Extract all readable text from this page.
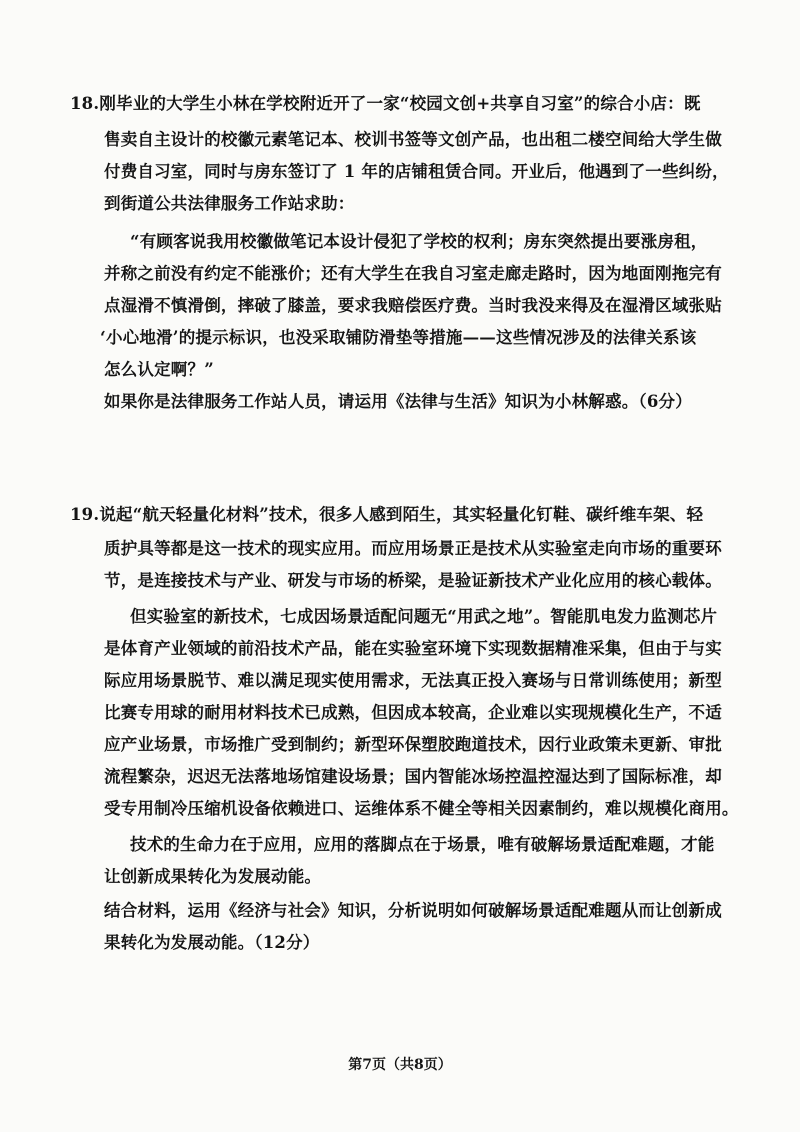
18.刚毕业的大学生小林在学校附近开了一家“校园文创+共享自习室”的综合小店：既
售卖自主设计的校徽元素笔记本、校训书签等文创产品，也出租二楼空间给大学生做
付费自习室，同时与房东签订了 1 年的店铺租赁合同。开业后，他遇到了一些纠纷，
到街道公共法律服务工作站求助：
“有顾客说我用校徽做笔记本设计侵犯了学校的权利；房东突然提出要涨房租，
并称之前没有约定不能涨价；还有大学生在我自习室走廊走路时，因为地面刚拖完有
点湿滑不慎滑倒，摔破了膝盖，要求我赔偿医疗费。当时我没来得及在湿滑区域张贴
‘小心地滑’的提示标识，也没采取铺防滑垫等措施——这些情况涉及的法律关系该
怎么认定啊？”
如果你是法律服务工作站人员，请运用《法律与生活》知识为小林解惑。（6分）
19.说起“航天轻量化材料”技术，很多人感到陌生，其实轻量化钉鞋、碳纤维车架、轻
质护具等都是这一技术的现实应用。而应用场景正是技术从实验室走向市场的重要环
节，是连接技术与产业、研发与市场的桥梁，是验证新技术产业化应用的核心载体。
但实验室的新技术，七成因场景适配问题无“用武之地”。智能肌电发力监测芯片
是体育产业领域的前沿技术产品，能在实验室环境下实现数据精准采集，但由于与实
际应用场景脱节、难以满足现实使用需求，无法真正投入赛场与日常训练使用；新型
比赛专用球的耐用材料技术已成熟，但因成本较高，企业难以实现规模化生产，不适
应产业场景，市场推广受到制约；新型环保塑胶跑道技术，因行业政策未更新、审批
流程繁杂，迟迟无法落地场馆建设场景；国内智能冰场控温控湿达到了国际标准，却
受专用制冷压缩机设备依赖进口、运维体系不健全等相关因素制约，难以规模化商用。
技术的生命力在于应用，应用的落脚点在于场景，唯有破解场景适配难题，才能
让创新成果转化为发展动能。
结合材料，运用《经济与社会》知识，分析说明如何破解场景适配难题从而让创新成
果转化为发展动能。（12分）
第7页（共8页）
